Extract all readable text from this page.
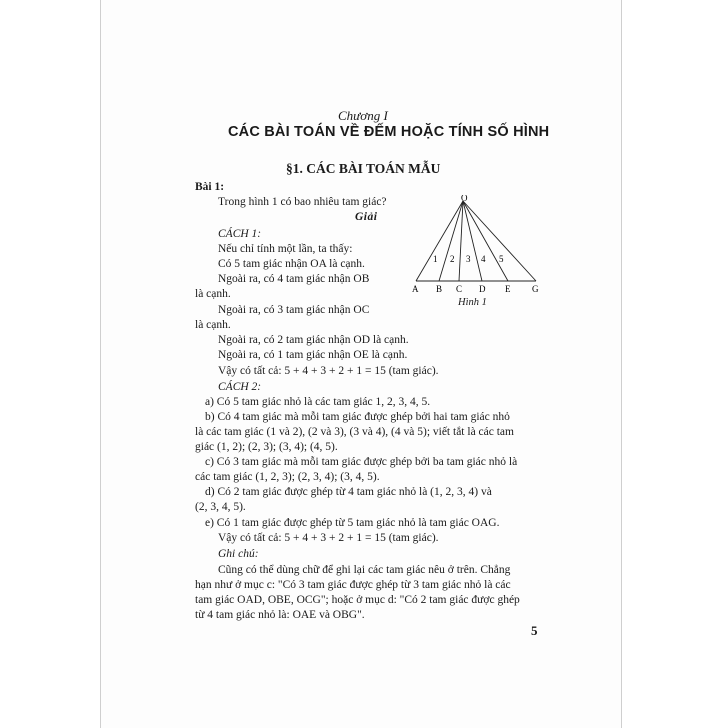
Chương I
CÁC BÀI TOÁN VỀ ĐẾM HOẶC TÍNH SỐ HÌNH
§1. CÁC BÀI TOÁN MẪU
Bài 1:
Trong hình 1 có bao nhiêu tam giác?
Giải
CÁCH 1:
Nếu chỉ tính một lần, ta thấy:
Có 5 tam giác nhận OA là cạnh.
Ngoài ra, có 4 tam giác nhận OB
là cạnh.
Ngoài ra, có 3 tam giác nhận OC
là cạnh.
Ngoài ra, có 2 tam giác nhận OD là cạnh.
Ngoài ra, có 1 tam giác nhận OE là cạnh.
Vậy có tất cả: 5 + 4 + 3 + 2 + 1 = 15 (tam giác).
CÁCH 2:
a) Có 5 tam giác nhỏ là các tam giác 1, 2, 3, 4, 5.
b) Có 4 tam giác mà mỗi tam giác được ghép bởi hai tam giác nhỏ
là các tam giác (1 và 2), (2 và 3), (3 và 4), (4 và 5); viết tắt là các tam
giác (1, 2); (2, 3); (3, 4); (4, 5).
c) Có 3 tam giác mà mỗi tam giác được ghép bởi ba tam giác nhỏ là
các tam giác (1, 2, 3); (2, 3, 4); (3, 4, 5).
d) Có 2 tam giác được ghép từ 4 tam giác nhỏ là (1, 2, 3, 4) và
(2, 3, 4, 5).
e) Có 1 tam giác được ghép từ 5 tam giác nhỏ là tam giác OAG.
Vậy có tất cả: 5 + 4 + 3 + 2 + 1 = 15 (tam giác).
Ghi chú:
Cũng có thể dùng chữ để ghi lại các tam giác nêu ở trên. Chẳng
hạn như ở mục c: "Có 3 tam giác được ghép từ 3 tam giác nhỏ là các
tam giác OAD, OBE, OCG"; hoặc ở mục d: "Có 2 tam giác được ghép
từ 4 tam giác nhỏ là: OAE và OBG".
O
A B C D E G
1 2 3 4 5
Hình 1
5
